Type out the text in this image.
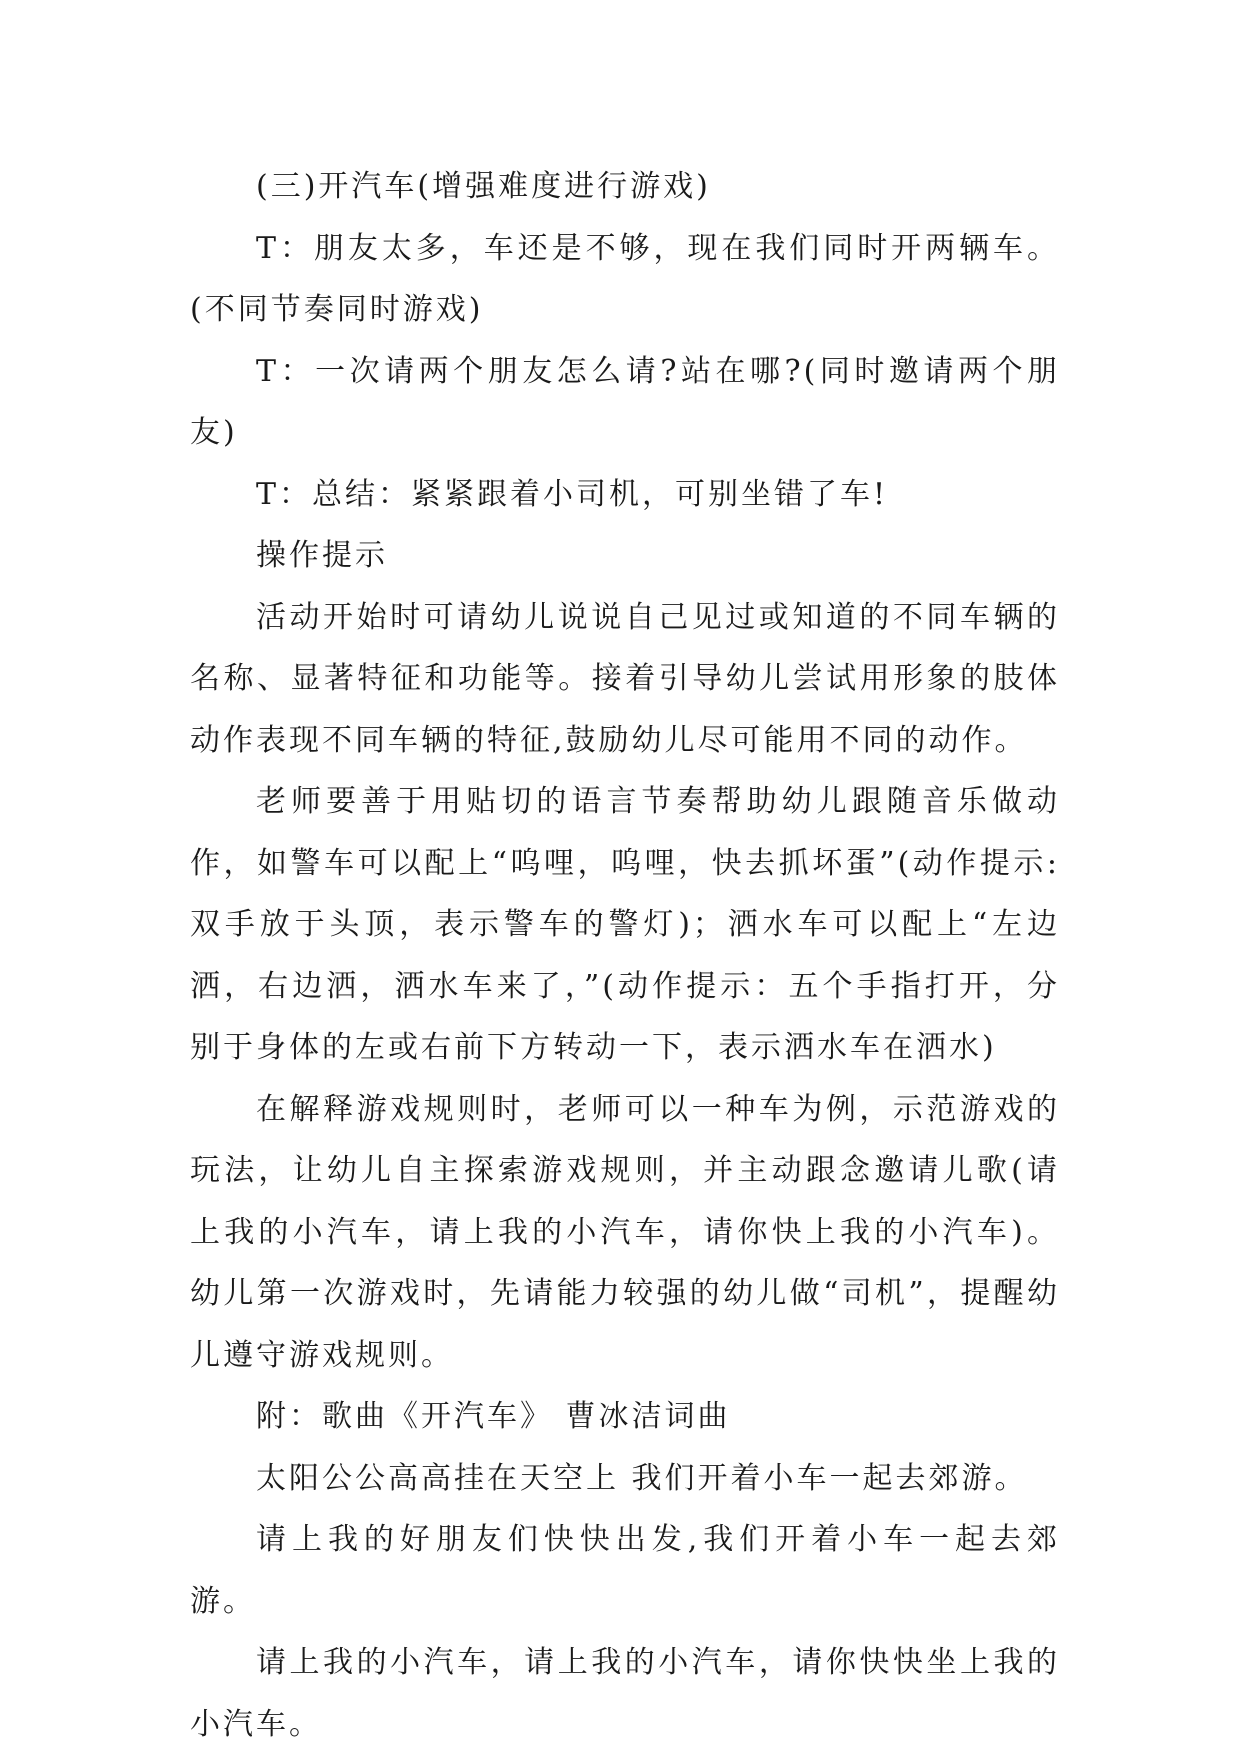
(三)开汽车(增强难度进行游戏)

T：朋友太多，车还是不够，现在我们同时开两辆车。(不同节奏同时游戏)

T：一次请两个朋友怎么请?站在哪?(同时邀请两个朋友)

T：总结：紧紧跟着小司机，可别坐错了车!

操作提示

活动开始时可请幼儿说说自己见过或知道的不同车辆的名称、显著特征和功能等。接着引导幼儿尝试用形象的肢体动作表现不同车辆的特征,鼓励幼儿尽可能用不同的动作。

老师要善于用贴切的语言节奏帮助幼儿跟随音乐做动作，如警车可以配上“呜哩，呜哩，快去抓坏蛋”(动作提示:双手放于头顶，表示警车的警灯)；洒水车可以配上“左边洒，右边洒，洒水车来了，”(动作提示：五个手指打开，分别于身体的左或右前下方转动一下，表示洒水车在洒水)

在解释游戏规则时，老师可以一种车为例，示范游戏的玩法，让幼儿自主探索游戏规则，并主动跟念邀请儿歌(请上我的小汽车，请上我的小汽车，请你快上我的小汽车)。幼儿第一次游戏时，先请能力较强的幼儿做“司机”，提醒幼儿遵守游戏规则。

附：歌曲《开汽车》 曹冰洁词曲

太阳公公高高挂在天空上 我们开着小车一起去郊游。

请上我的好朋友们快快出发,我们开着小车一起去郊游。

请上我的小汽车，请上我的小汽车，请你快快坐上我的小汽车。
